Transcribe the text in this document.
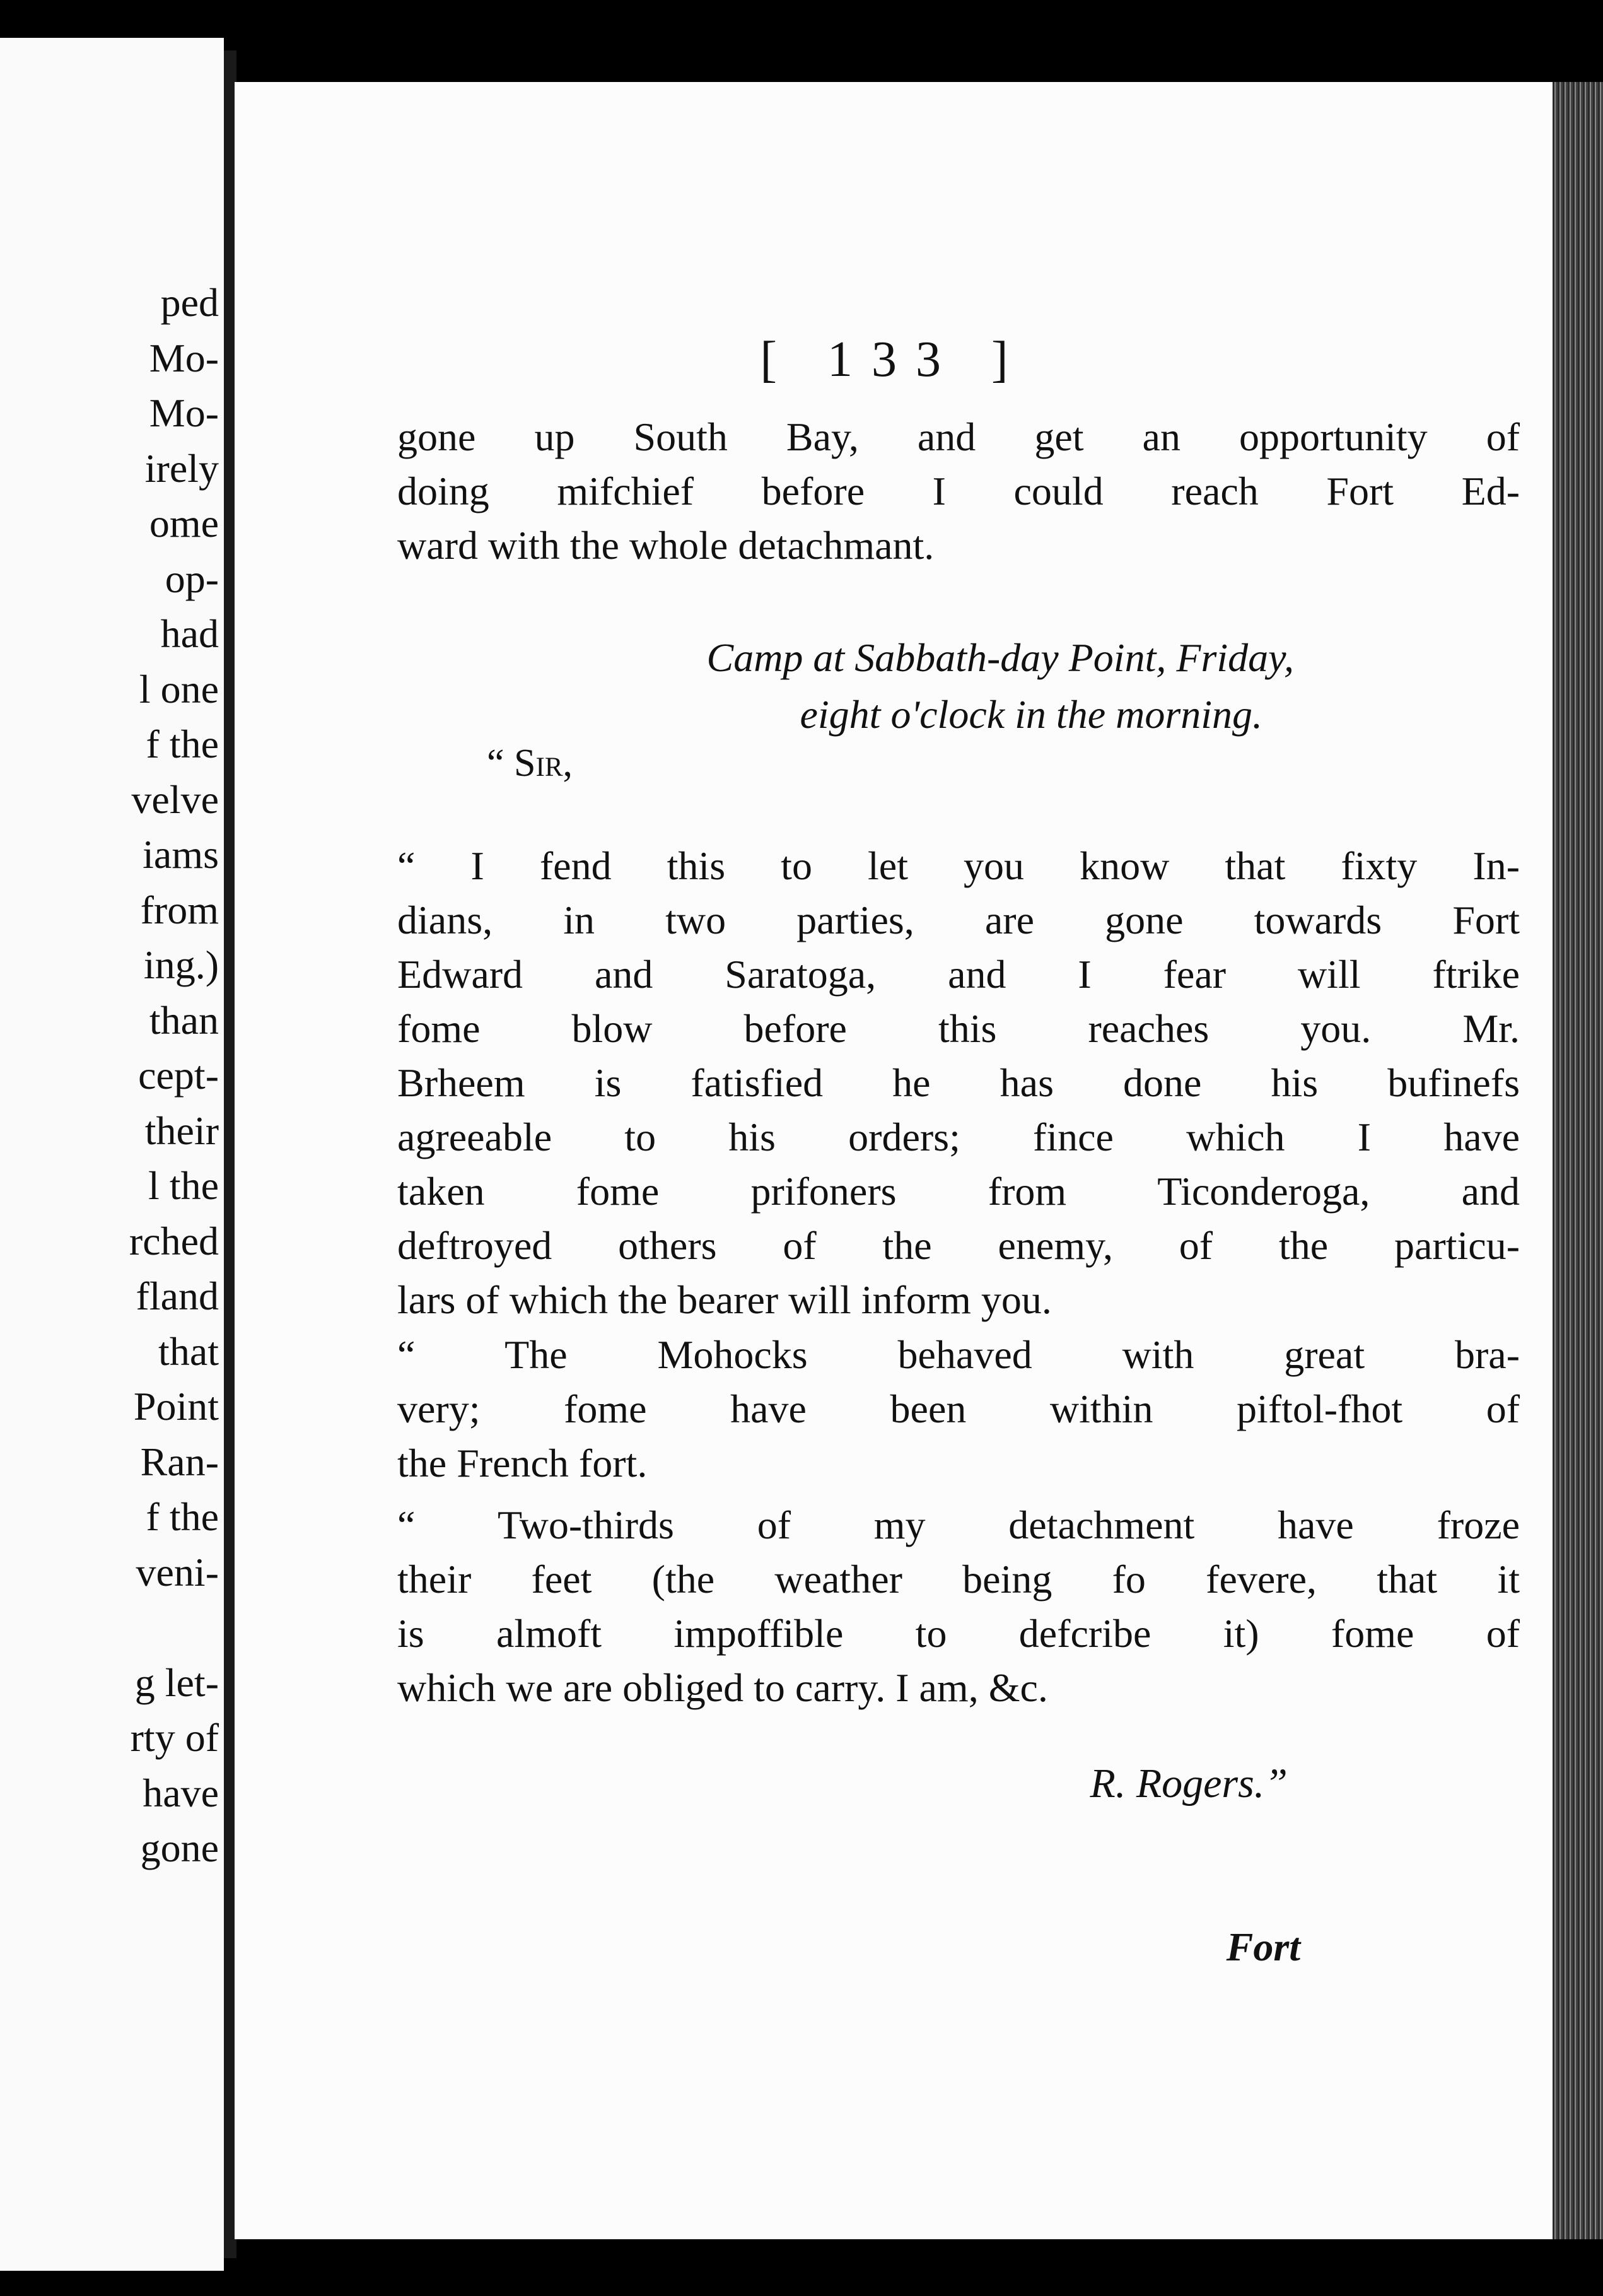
ped
Mo-
Mo-
irely
ome
op-
had
l one
f the
velve
iams
from
ing.)
than
cept-
their
l the
rched
fland
that
Point
Ran-
f the
veni-
g let-
rty of
have
gone
[ 133 ]
gone up South Bay, and get an opportunity of
doing mifchief before I could reach Fort Ed-
ward with the whole detachmant.
Camp at Sabbath-day Point, Friday,
eight o'clock in the morning.
“ Sir,
“ I fend this to let you know that fixty In-
dians, in two parties, are gone towards Fort
Edward and Saratoga, and I fear will ftrike
fome blow before this reaches you. Mr.
Brheem is fatisfied he has done his bufinefs
agreeable to his orders; fince which I have
taken fome prifoners from Ticonderoga, and
deftroyed others of the enemy, of the particu-
lars of which the bearer will inform you.
“ The Mohocks behaved with great bra-
very; fome have been within piftol-fhot of
the French fort.
“ Two-thirds of my detachment have froze
their feet (the weather being fo fevere, that it
is almoft impoffible to defcribe it) fome of
which we are obliged to carry. I am, &c.
R. Rogers.”
Fort
